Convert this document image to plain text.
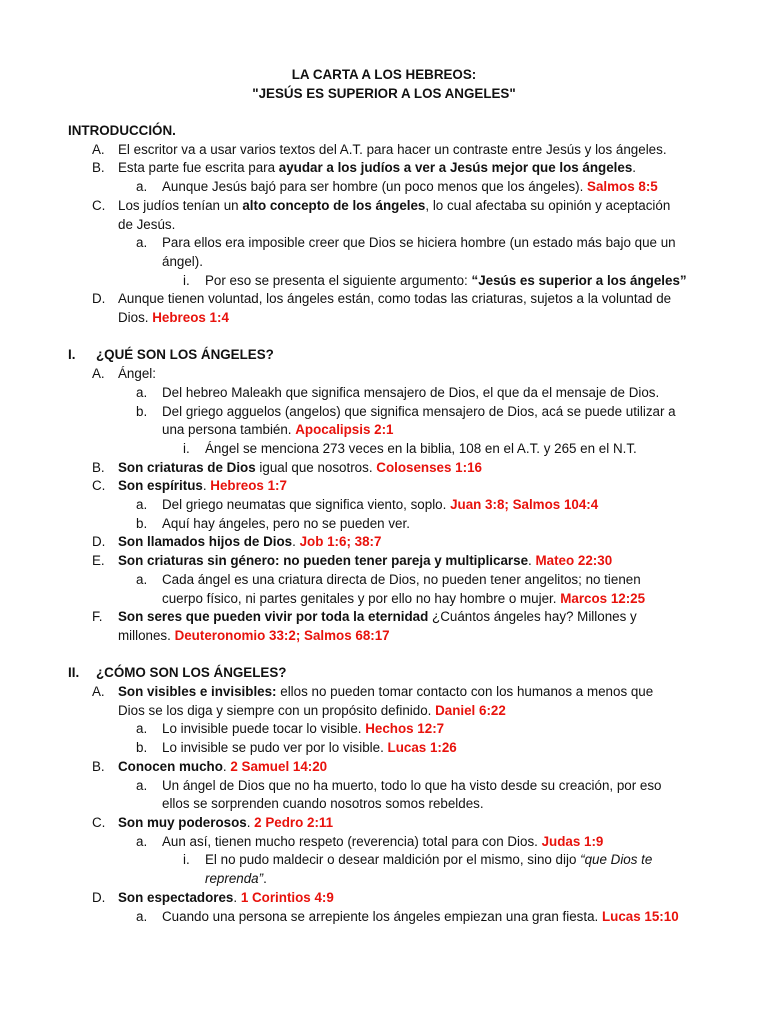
LA CARTA A LOS HEBREOS:
"JESÚS ES SUPERIOR A LOS ANGELES"
INTRODUCCIÓN.
A. El escritor va a usar varios textos del A.T. para hacer un contraste entre Jesús y los ángeles.
B. Esta parte fue escrita para ayudar a los judíos a ver a Jesús mejor que los ángeles.
a. Aunque Jesús bajó para ser hombre (un poco menos que los ángeles). Salmos 8:5
C. Los judíos tenían un alto concepto de los ángeles, lo cual afectaba su opinión y aceptación de Jesús.
a. Para ellos era imposible creer que Dios se hiciera hombre (un estado más bajo que un ángel).
i. Por eso se presenta el siguiente argumento: “Jesús es superior a los ángeles”
D. Aunque tienen voluntad, los ángeles están, como todas las criaturas, sujetos a la voluntad de Dios. Hebreos 1:4
I. ¿QUÉ SON LOS ÁNGELES?
A. Ángel:
a. Del hebreo Maleakh que significa mensajero de Dios, el que da el mensaje de Dios.
b. Del griego agguelos (angelos) que significa mensajero de Dios, acá se puede utilizar a una persona también. Apocalipsis 2:1
i. Ángel se menciona 273 veces en la biblia, 108 en el A.T. y 265 en el N.T.
B. Son criaturas de Dios igual que nosotros. Colosenses 1:16
C. Son espíritus. Hebreos 1:7
a. Del griego neumatas que significa viento, soplo. Juan 3:8; Salmos 104:4
b. Aquí hay ángeles, pero no se pueden ver.
D. Son llamados hijos de Dios. Job 1:6; 38:7
E. Son criaturas sin género: no pueden tener pareja y multiplicarse. Mateo 22:30
a. Cada ángel es una criatura directa de Dios, no pueden tener angelitos; no tienen cuerpo físico, ni partes genitales y por ello no hay hombre o mujer. Marcos 12:25
F. Son seres que pueden vivir por toda la eternidad ¿Cuántos ángeles hay? Millones y millones. Deuteronomio 33:2; Salmos 68:17
II. ¿CÓMO SON LOS ÁNGELES?
A. Son visibles e invisibles: ellos no pueden tomar contacto con los humanos a menos que Dios se los diga y siempre con un propósito definido. Daniel 6:22
a. Lo invisible puede tocar lo visible. Hechos 12:7
b. Lo invisible se pudo ver por lo visible. Lucas 1:26
B. Conocen mucho. 2 Samuel 14:20
a. Un ángel de Dios que no ha muerto, todo lo que ha visto desde su creación, por eso ellos se sorprenden cuando nosotros somos rebeldes.
C. Son muy poderosos. 2 Pedro 2:11
a. Aun así, tienen mucho respeto (reverencia) total para con Dios. Judas 1:9
i. El no pudo maldecir o desear maldición por el mismo, sino dijo “que Dios te reprenda”.
D. Son espectadores. 1 Corintios 4:9
a. Cuando una persona se arrepiente los ángeles empiezan una gran fiesta. Lucas 15:10
